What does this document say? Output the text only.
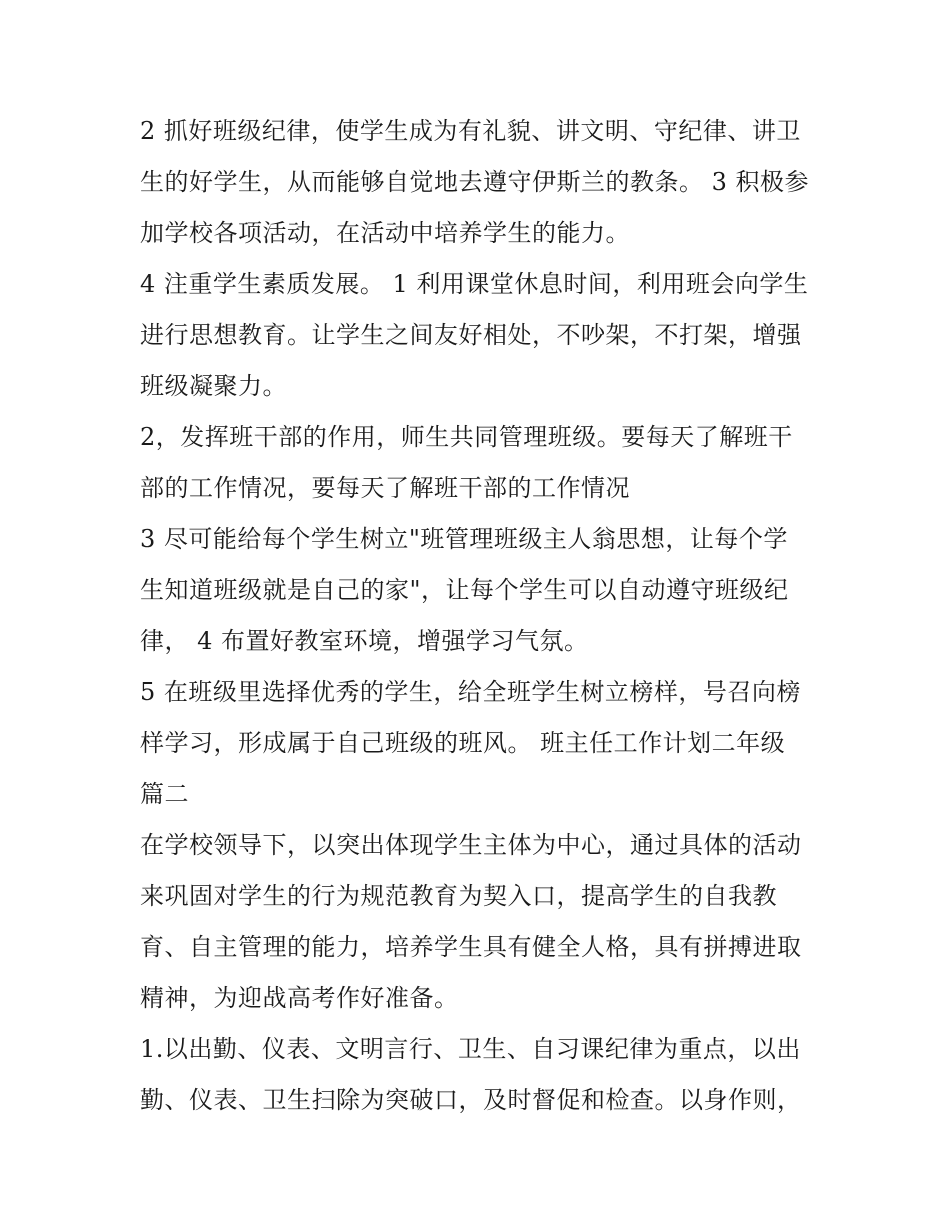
2 抓好班级纪律，使学生成为有礼貌、讲文明、守纪律、讲卫
生的好学生，从而能够自觉地去遵守伊斯兰的教条。 3 积极参
加学校各项活动，在活动中培养学生的能力。

4 注重学生素质发展。 1 利用课堂休息时间，利用班会向学生
进行思想教育。让学生之间友好相处，不吵架，不打架，增强
班级凝聚力。

2，发挥班干部的作用，师生共同管理班级。要每天了解班干
部的工作情况，要每天了解班干部的工作情况

3 尽可能给每个学生树立"班管理班级主人翁思想，让每个学
生知道班级就是自己的家"，让每个学生可以自动遵守班级纪
律， 4 布置好教室环境，增强学习气氛。

5 在班级里选择优秀的学生，给全班学生树立榜样，号召向榜
样学习，形成属于自己班级的班风。 班主任工作计划二年级
篇二

在学校领导下，以突出体现学生主体为中心，通过具体的活动
来巩固对学生的行为规范教育为契入口，提高学生的自我教
育、自主管理的能力，培养学生具有健全人格，具有拼搏进取
精神，为迎战高考作好准备。

1.以出勤、仪表、文明言行、卫生、自习课纪律为重点，以出
勤、仪表、卫生扫除为突破口，及时督促和检查。以身作则，
